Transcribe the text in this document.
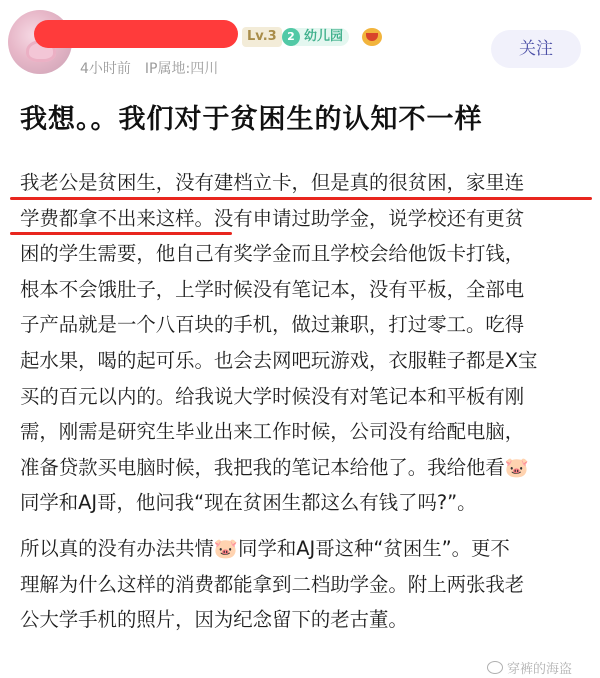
Lv.3 2 幼儿园
4小时前 IP属地:四川
关注
我想。。我们对于贫困生的认知不一样
我老公是贫困生，没有建档立卡，但是真的很贫困，家里连
学费都拿不出来这样。没有申请过助学金，说学校还有更贫
困的学生需要，他自己有奖学金而且学校会给他饭卡打钱，
根本不会饿肚子，上学时候没有笔记本，没有平板，全部电
子产品就是一个八百块的手机，做过兼职，打过零工。吃得
起水果，喝的起可乐。也会去网吧玩游戏，衣服鞋子都是X宝
买的百元以内的。给我说大学时候没有对笔记本和平板有刚
需，刚需是研究生毕业出来工作时候，公司没有给配电脑，
准备贷款买电脑时候，我把我的笔记本给他了。我给他看🐷
同学和AJ哥，他问我“现在贫困生都这么有钱了吗?”。
所以真的没有办法共情🐷同学和AJ哥这种“贫困生”。更不
理解为什么这样的消费都能拿到二档助学金。附上两张我老
公大学手机的照片，因为纪念留下的老古董。
穿裤的海盗
